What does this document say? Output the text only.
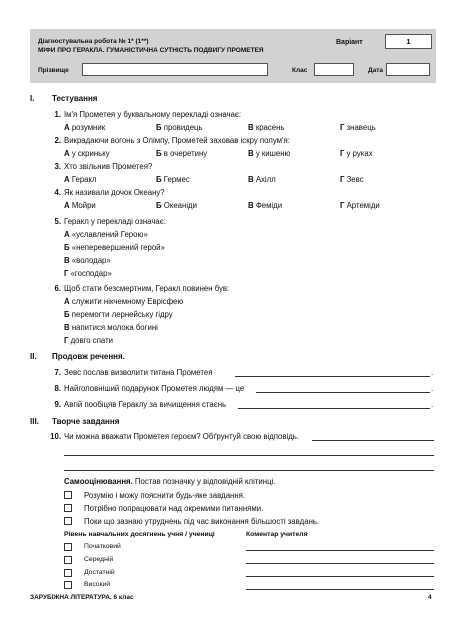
Діагностувальна робота № 1* (1**)
МІФИ ПРО ГЕРАКЛА. ГУМАНІСТИЧНА СУТНІСТЬ ПОДВИГУ ПРОМЕТЕЯ
Варіант	1
Прізвище	Клас	Дата
І. Тестування
1. Ім'я Прометея у буквальному перекладі означає:
А розумник	Б провидець	В красень	Г знавець
2. Викрадаючи вогонь з Олімпу, Прометей заховав іскру полум'я:
А у скриньку	Б в очеретину	В у кишеню	Г у руках
3. Хто звільнив Прометея?
А Геракл	Б Гермес	В Ахілл	Г Зевс
4. Як називали дочок Океану?
А Мойри	Б Океаніди	В Феміди	Г Артеміди
5. Геракл у перекладі означає:
А «уславлений Герою»
Б «неперевершений герой»
В «володар»
Г «господар»
6. Щоб стати безсмертним, Геракл повинен був:
А служити нікчемному Еврісфею
Б перемогти лернейську гідру
В напитися молока богині
Г довго спати
ІІ. Продовж речення.
7. Зевс послав визволити титана Прометея	.
8. Найголовніший подарунок Прометея людям — це	.
9. Авгій пообіцяв Гераклу за вичищення стаєнь	.
ІІІ. Творче завдання
10. Чи можна вважати Прометея героєм? Обґрунтуй свою відповідь.
Самооцінювання. Постав позначку у відповідній клітинці.
Розумію і можу пояснити будь-яке завдання.
Потрібно попрацювати над окремими питаннями.
Поки що зазнаю утруднень під час виконання більшості завдань.
Рівень навчальних досягнень учня / учениці	Коментар учителя
Початковий
Середній
Достатній
Високий
ЗАРУБІЖНА ЛІТЕРАТУРА. 6 клас	4
